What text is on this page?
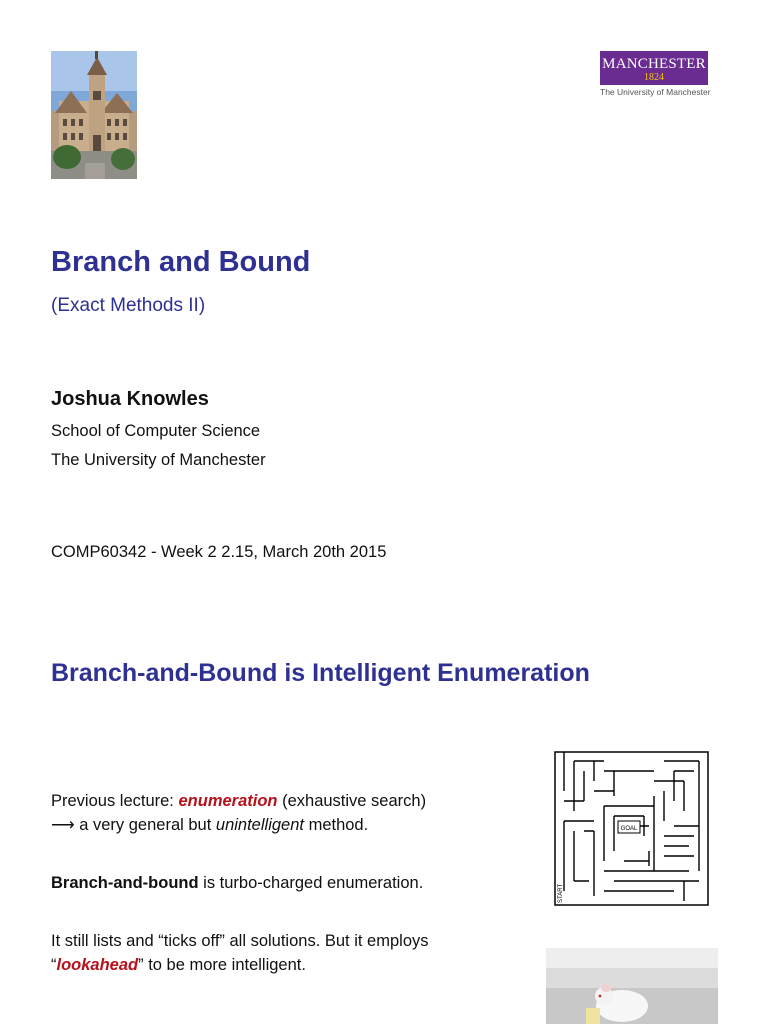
MANCHESTER
1824
The University of Manchester
Branch and Bound
(Exact Methods II)
Joshua Knowles
School of Computer Science
The University of Manchester
COMP60342 - Week 2 2.15, March 20th 2015
Branch-and-Bound is Intelligent Enumeration
Previous lecture: enumeration (exhaustive search)
⟶ a very general but unintelligent method.
Branch-and-bound is turbo-charged enumeration.
It still lists and “ticks off” all solutions. But it employs
“lookahead” to be more intelligent.
GOAL
START
